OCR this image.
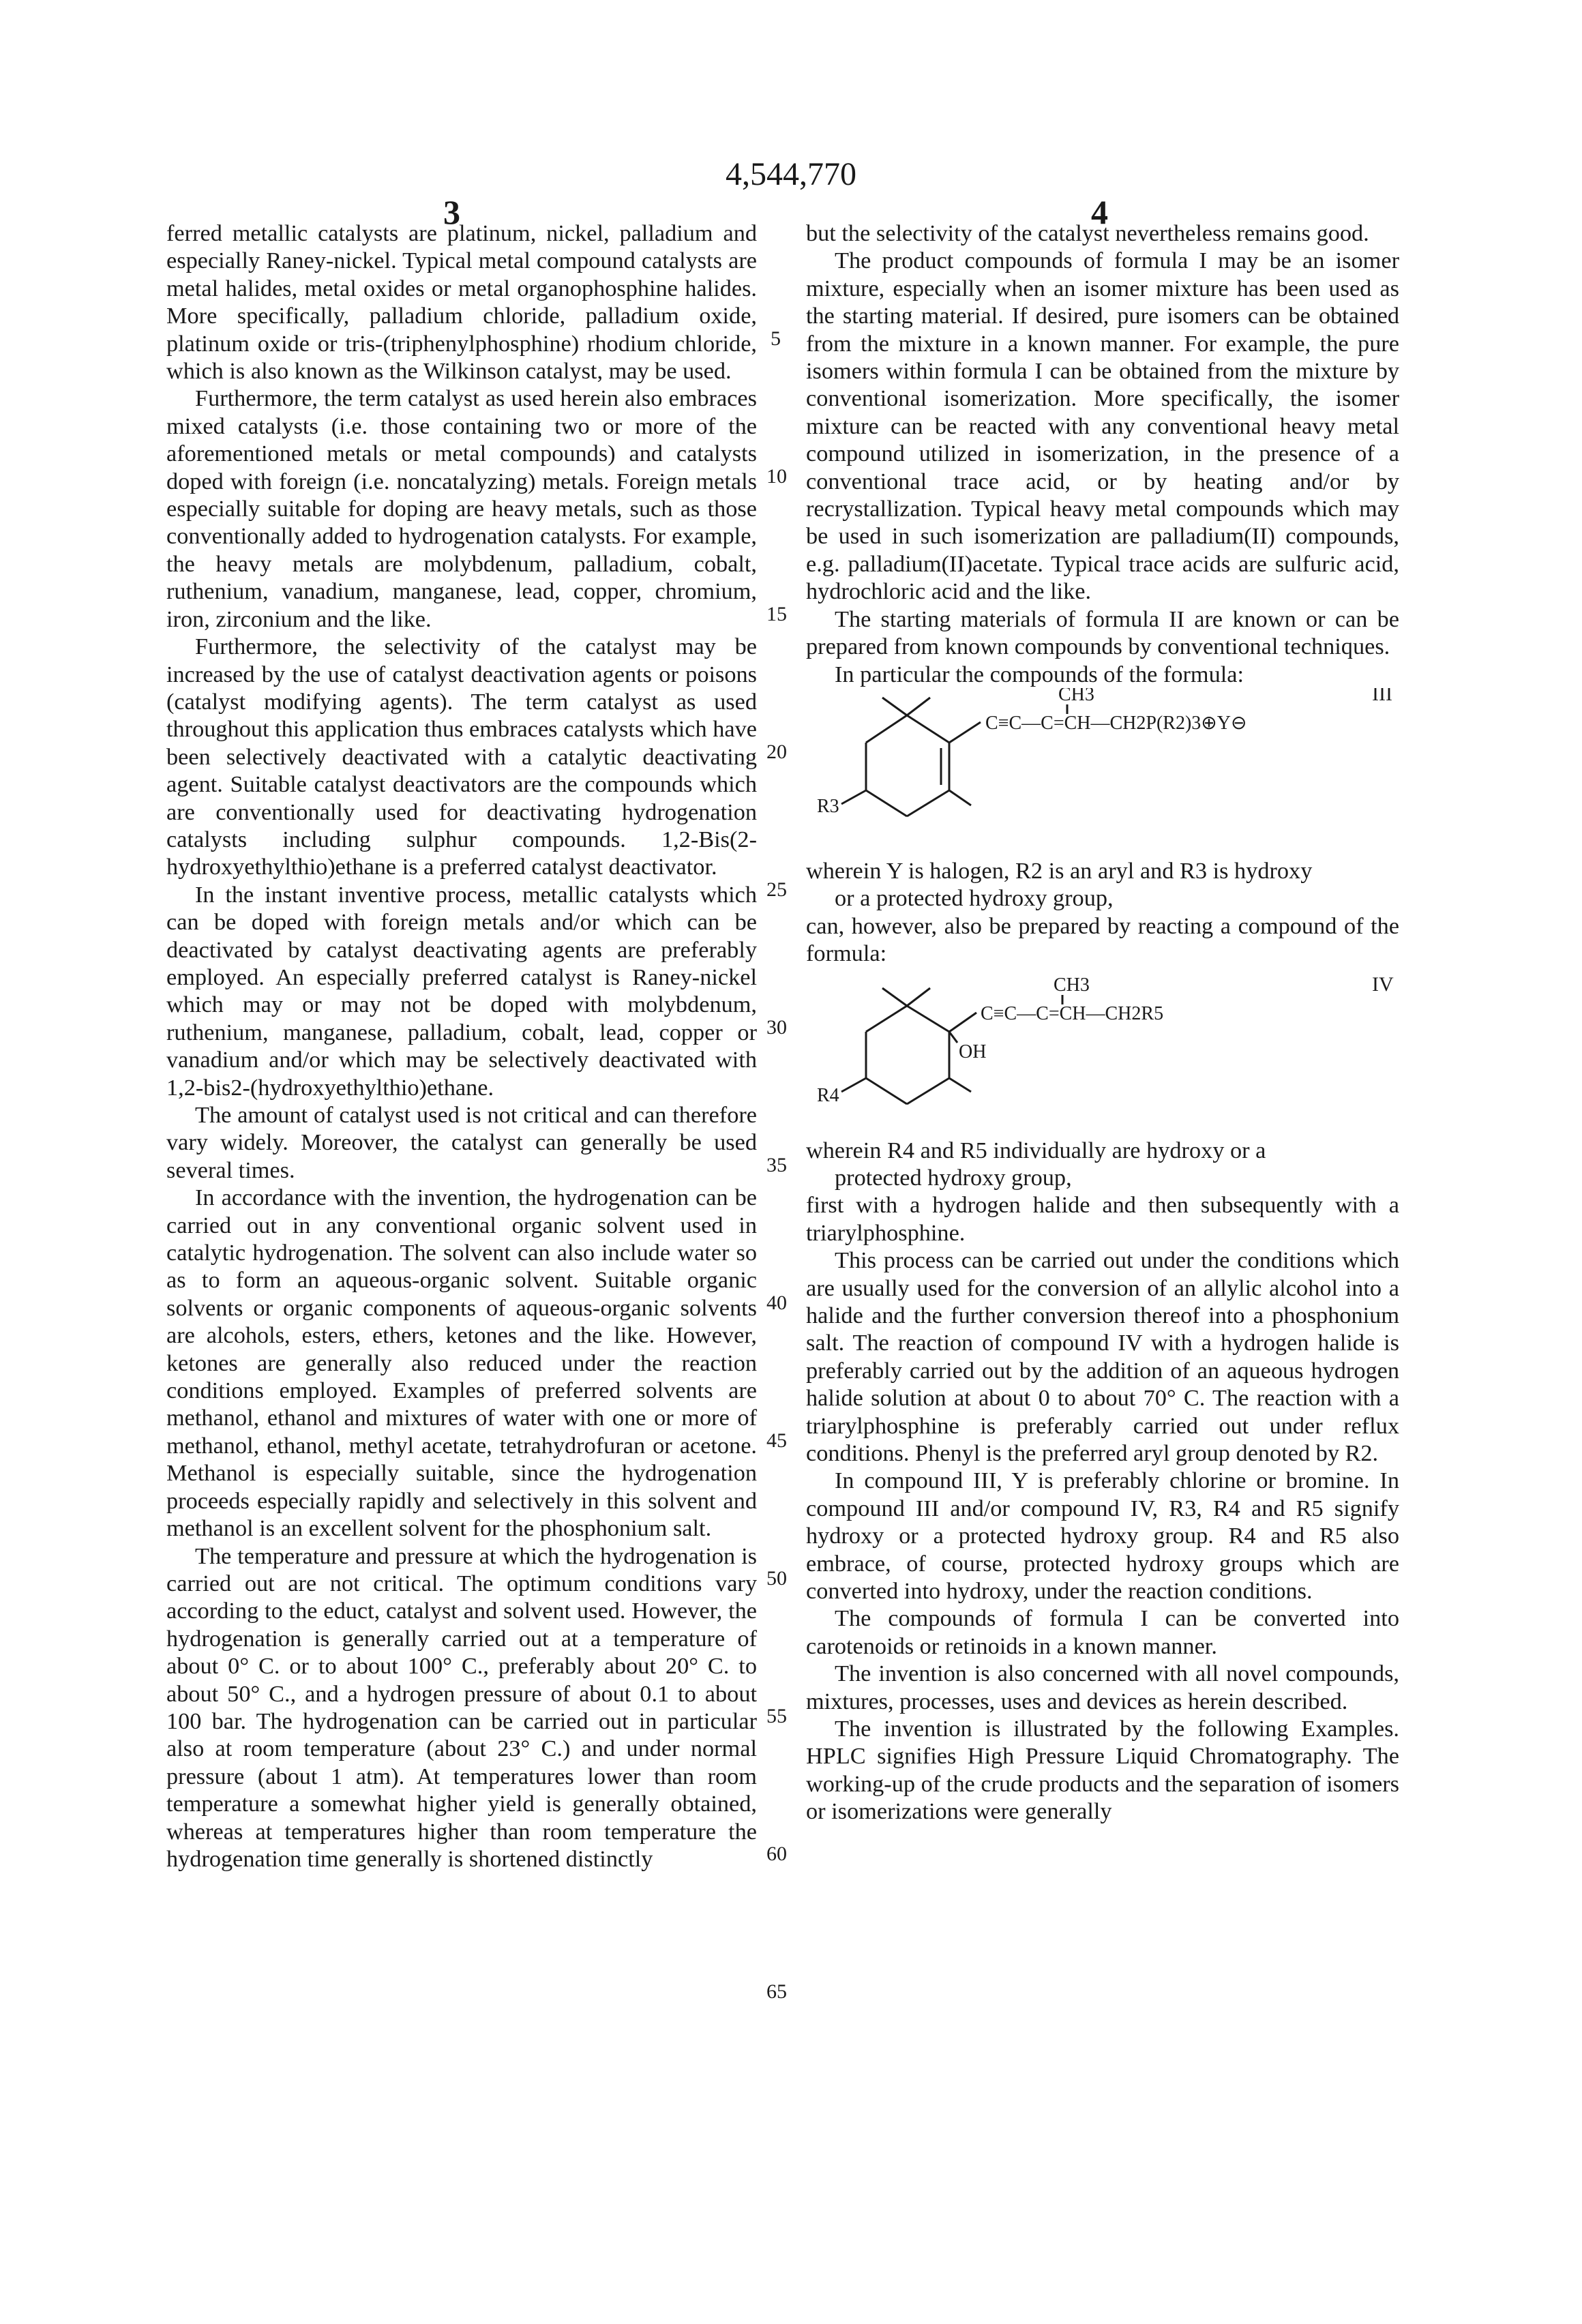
4,544,770
3	4

ferred metallic catalysts are platinum, nickel, palladium and especially Raney-nickel. Typical metal compound catalysts are metal halides, metal oxides or metal organophosphine halides. More specifically, palladium chloride, palladium oxide, platinum oxide or tris-(triphenylphosphine) rhodium chloride, which is also known as the Wilkinson catalyst, may be used.

Furthermore, the term catalyst as used herein also embraces mixed catalysts (i.e. those containing two or more of the aforementioned metals or metal compounds) and catalysts doped with foreign (i.e. noncatalyzing) metals. Foreign metals especially suitable for doping are heavy metals, such as those conventionally added to hydrogenation catalysts. For example, the heavy metals are molybdenum, palladium, cobalt, ruthenium, vanadium, manganese, lead, copper, chromium, iron, zirconium and the like.

Furthermore, the selectivity of the catalyst may be increased by the use of catalyst deactivation agents or poisons (catalyst modifying agents). The term catalyst as used throughout this application thus embraces catalysts which have been selectively deactivated with a catalytic deactivating agent. Suitable catalyst deactivators are the compounds which are conventionally used for deactivating hydrogenation catalysts including sulphur compounds. 1,2-Bis(2-hydroxyethylthio)ethane is a preferred catalyst deactivator.

In the instant inventive process, metallic catalysts which can be doped with foreign metals and/or which can be deactivated by catalyst deactivating agents are preferably employed. An especially preferred catalyst is Raney-nickel which may or may not be doped with molybdenum, ruthenium, manganese, palladium, cobalt, lead, copper or vanadium and/or which may be selectively deactivated with 1,2-bis2-(hydroxyethylthio)ethane.

The amount of catalyst used is not critical and can therefore vary widely. Moreover, the catalyst can generally be used several times.

In accordance with the invention, the hydrogenation can be carried out in any conventional organic solvent used in catalytic hydrogenation. The solvent can also include water so as to form an aqueous-organic solvent. Suitable organic solvents or organic components of aqueous-organic solvents are alcohols, esters, ethers, ketones and the like. However, ketones are generally also reduced under the reaction conditions employed. Examples of preferred solvents are methanol, ethanol and mixtures of water with one or more of methanol, ethanol, methyl acetate, tetrahydrofuran or acetone. Methanol is especially suitable, since the hydrogenation proceeds especially rapidly and selectively in this solvent and methanol is an excellent solvent for the phosphonium salt.

The temperature and pressure at which the hydrogenation is carried out are not critical. The optimum conditions vary according to the educt, catalyst and solvent used. However, the hydrogenation is generally carried out at a temperature of about 0° C. or to about 100° C., preferably about 20° C. to about 50° C., and a hydrogen pressure of about 0.1 to about 100 bar. The hydrogenation can be carried out in particular also at room temperature (about 23° C.) and under normal pressure (about 1 atm). At temperatures lower than room temperature a somewhat higher yield is generally obtained, whereas at temperatures higher than room temperature the hydrogenation time generally is shortened distinctly

5
10
15
20
25
30
35
40
45
50
55
60
65

but the selectivity of the catalyst nevertheless remains good.

The product compounds of formula I may be an isomer mixture, especially when an isomer mixture has been used as the starting material. If desired, pure isomers can be obtained from the mixture in a known manner. For example, the pure isomers within formula I can be obtained from the mixture by conventional isomerization. More specifically, the isomer mixture can be reacted with any conventional heavy metal compound utilized in isomerization, in the presence of a conventional trace acid, or by heating and/or by recrystallization. Typical heavy metal compounds which may be used in such isomerization are palladium(II) compounds, e.g. palladium(II)acetate. Typical trace acids are sulfuric acid, hydrochloric acid and the like.

The starting materials of formula II are known or can be prepared from known compounds by conventional techniques.

In particular the compounds of the formula:

C≡C—C=CH—CH2P(R2)3⊕Y⊖
CH3
R3
III

wherein Y is halogen, R2 is an aryl and R3 is hydroxy

or a protected hydroxy group,

can, however, also be prepared by reacting a compound of the formula:

C≡C—C=CH—CH2R5
CH3
OH
R4
IV

wherein R4 and R5 individually are hydroxy or a

protected hydroxy group,

first with a hydrogen halide and then subsequently with a triarylphosphine.

This process can be carried out under the conditions which are usually used for the conversion of an allylic alcohol into a halide and the further conversion thereof into a phosphonium salt. The reaction of compound IV with a hydrogen halide is preferably carried out by the addition of an aqueous hydrogen halide solution at about 0 to about 70° C. The reaction with a triarylphosphine is preferably carried out under reflux conditions. Phenyl is the preferred aryl group denoted by R2.

In compound III, Y is preferably chlorine or bromine. In compound III and/or compound IV, R3, R4 and R5 signify hydroxy or a protected hydroxy group. R4 and R5 also embrace, of course, protected hydroxy groups which are converted into hydroxy, under the reaction conditions.

The compounds of formula I can be converted into carotenoids or retinoids in a known manner.

The invention is also concerned with all novel compounds, mixtures, processes, uses and devices as herein described.

The invention is illustrated by the following Examples. HPLC signifies High Pressure Liquid Chromatography. The working-up of the crude products and the separation of isomers or isomerizations were generally
